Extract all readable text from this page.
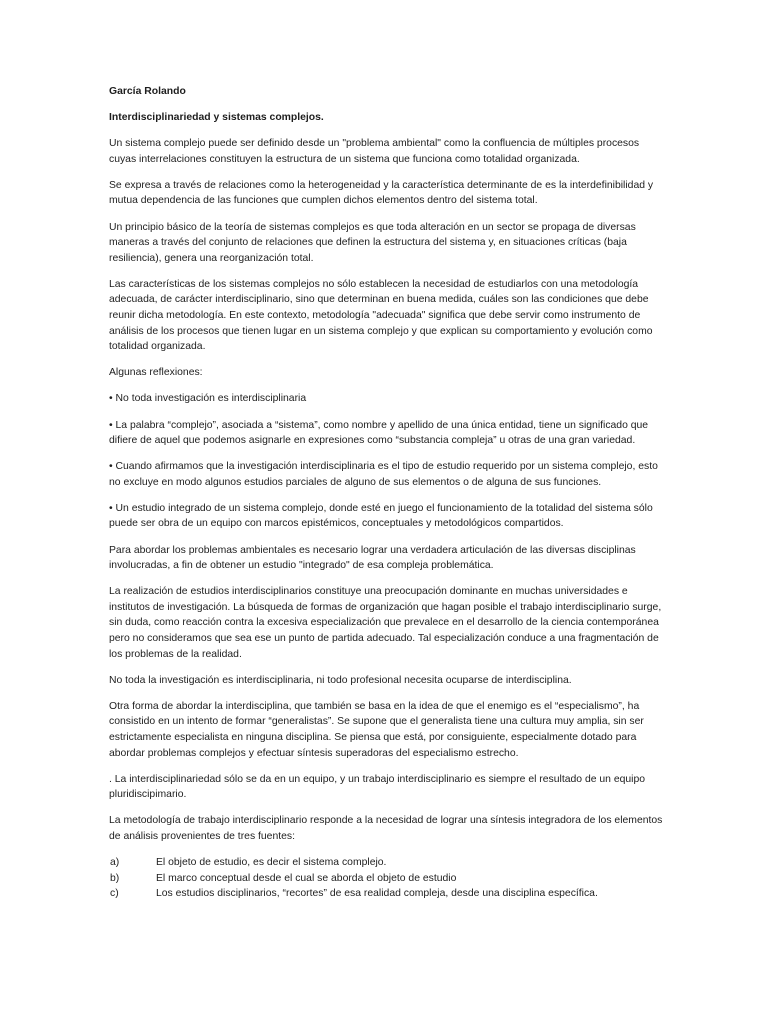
García Rolando

Interdisciplinariedad y sistemas complejos.

Un sistema complejo puede ser definido desde un "problema ambiental" como la confluencia de múltiples procesos cuyas interrelaciones constituyen la estructura de un sistema que funciona como totalidad organizada.

Se expresa a través de relaciones como la heterogeneidad y la característica determinante de es la interdefinibilidad y mutua dependencia de las funciones que cumplen dichos elementos dentro del sistema total.

Un principio básico de la teoría de sistemas complejos es que toda alteración en un sector se propaga de diversas maneras a través del conjunto de relaciones que definen la estructura del sistema y, en situaciones críticas (baja resiliencia), genera una reorganización total.

Las características de los sistemas complejos no sólo establecen la necesidad de estudiarlos con una metodología adecuada, de carácter interdisciplinario, sino que determinan en buena medida, cuáles son las condiciones que debe reunir dicha metodología. En este contexto, metodología "adecuada" significa que debe servir como instrumento de análisis de los procesos que tienen lugar en un sistema complejo y que explican su comportamiento y evolución como totalidad organizada.

Algunas reflexiones:

• No toda investigación es interdisciplinaria

• La palabra “complejo”, asociada a “sistema”, como nombre y apellido de una única entidad, tiene un significado que difiere de aquel que podemos asignarle en expresiones como “substancia compleja” u otras de una gran variedad.

• Cuando afirmamos que la investigación interdisciplinaria es el tipo de estudio requerido por un sistema complejo, esto no excluye en modo algunos estudios parciales de alguno de sus elementos o de alguna de sus funciones.

• Un estudio integrado de un sistema complejo, donde esté en juego el funcionamiento de la totalidad del sistema sólo puede ser obra de un equipo con marcos epistémicos, conceptuales y metodológicos compartidos.

Para abordar los problemas ambientales es necesario lograr una verdadera articulación de las diversas disciplinas involucradas, a fin de obtener un estudio "integrado" de esa compleja problemática.

La realización de estudios interdisciplinarios constituye una preocupación dominante en muchas universidades e institutos de investigación. La búsqueda de formas de organización que hagan posible el trabajo interdisciplinario surge, sin duda, como reacción contra la excesiva especialización que prevalece en el desarrollo de la ciencia contemporánea pero no consideramos que sea ese un punto de partida adecuado. Tal especialización conduce a una fragmentación de los problemas de la realidad.

No toda la investigación es interdisciplinaria, ni todo profesional necesita ocuparse de interdisciplina.

Otra forma de abordar la interdisciplina, que también se basa en la idea de que el enemigo es el “especialismo”, ha consistido en un intento de formar “generalistas”. Se supone que el generalista tiene una cultura muy amplia, sin ser estrictamente especialista en ninguna disciplina. Se piensa que está, por consiguiente, especialmente dotado para abordar problemas complejos y efectuar síntesis superadoras del especialismo estrecho.

. La interdisciplinariedad sólo se da en un equipo, y un trabajo interdisciplinario es siempre el resultado de un equipo pluridiscipimario.

La metodología de trabajo interdisciplinario responde a la necesidad de lograr una síntesis integradora de los elementos de análisis provenientes de tres fuentes:

a)	El objeto de estudio, es decir el sistema complejo.
b)	El marco conceptual desde el cual se aborda el objeto de estudio
c)	Los estudios disciplinarios, “recortes” de esa realidad compleja, desde una disciplina específica.
